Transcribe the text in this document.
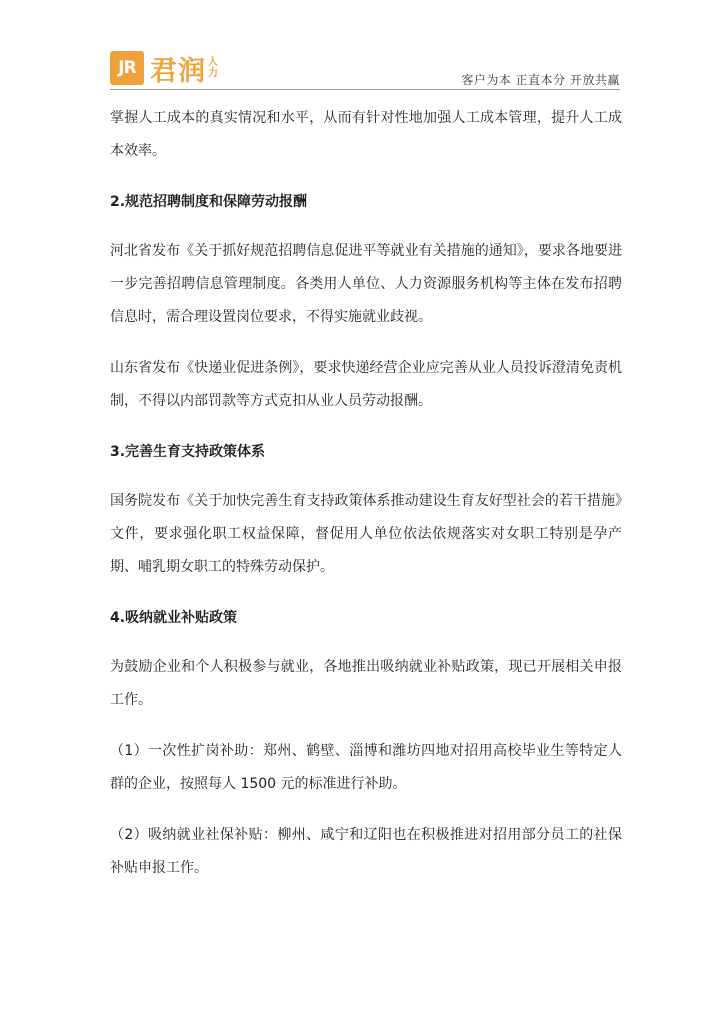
JR 君润 人
力	客户为本 正直本分 开放共赢

掌握人工成本的真实情况和水平，从而有针对性地加强人工成本管理，提升人工成本效率。

2.规范招聘制度和保障劳动报酬

河北省发布《关于抓好规范招聘信息促进平等就业有关措施的通知》，要求各地要进一步完善招聘信息管理制度。各类用人单位、人力资源服务机构等主体在发布招聘信息时，需合理设置岗位要求，不得实施就业歧视。

山东省发布《快递业促进条例》，要求快递经营企业应完善从业人员投诉澄清免责机制，不得以内部罚款等方式克扣从业人员劳动报酬。

3.完善生育支持政策体系

国务院发布《关于加快完善生育支持政策体系推动建设生育友好型社会的若干措施》文件，要求强化职工权益保障，督促用人单位依法依规落实对女职工特别是孕产期、哺乳期女职工的特殊劳动保护。

4.吸纳就业补贴政策

为鼓励企业和个人积极参与就业，各地推出吸纳就业补贴政策，现已开展相关申报工作。

（1）一次性扩岗补助：郑州、鹤壁、淄博和潍坊四地对招用高校毕业生等特定人群的企业，按照每人 1500 元的标准进行补助。

（2）吸纳就业社保补贴：柳州、咸宁和辽阳也在积极推进对招用部分员工的社保补贴申报工作。
